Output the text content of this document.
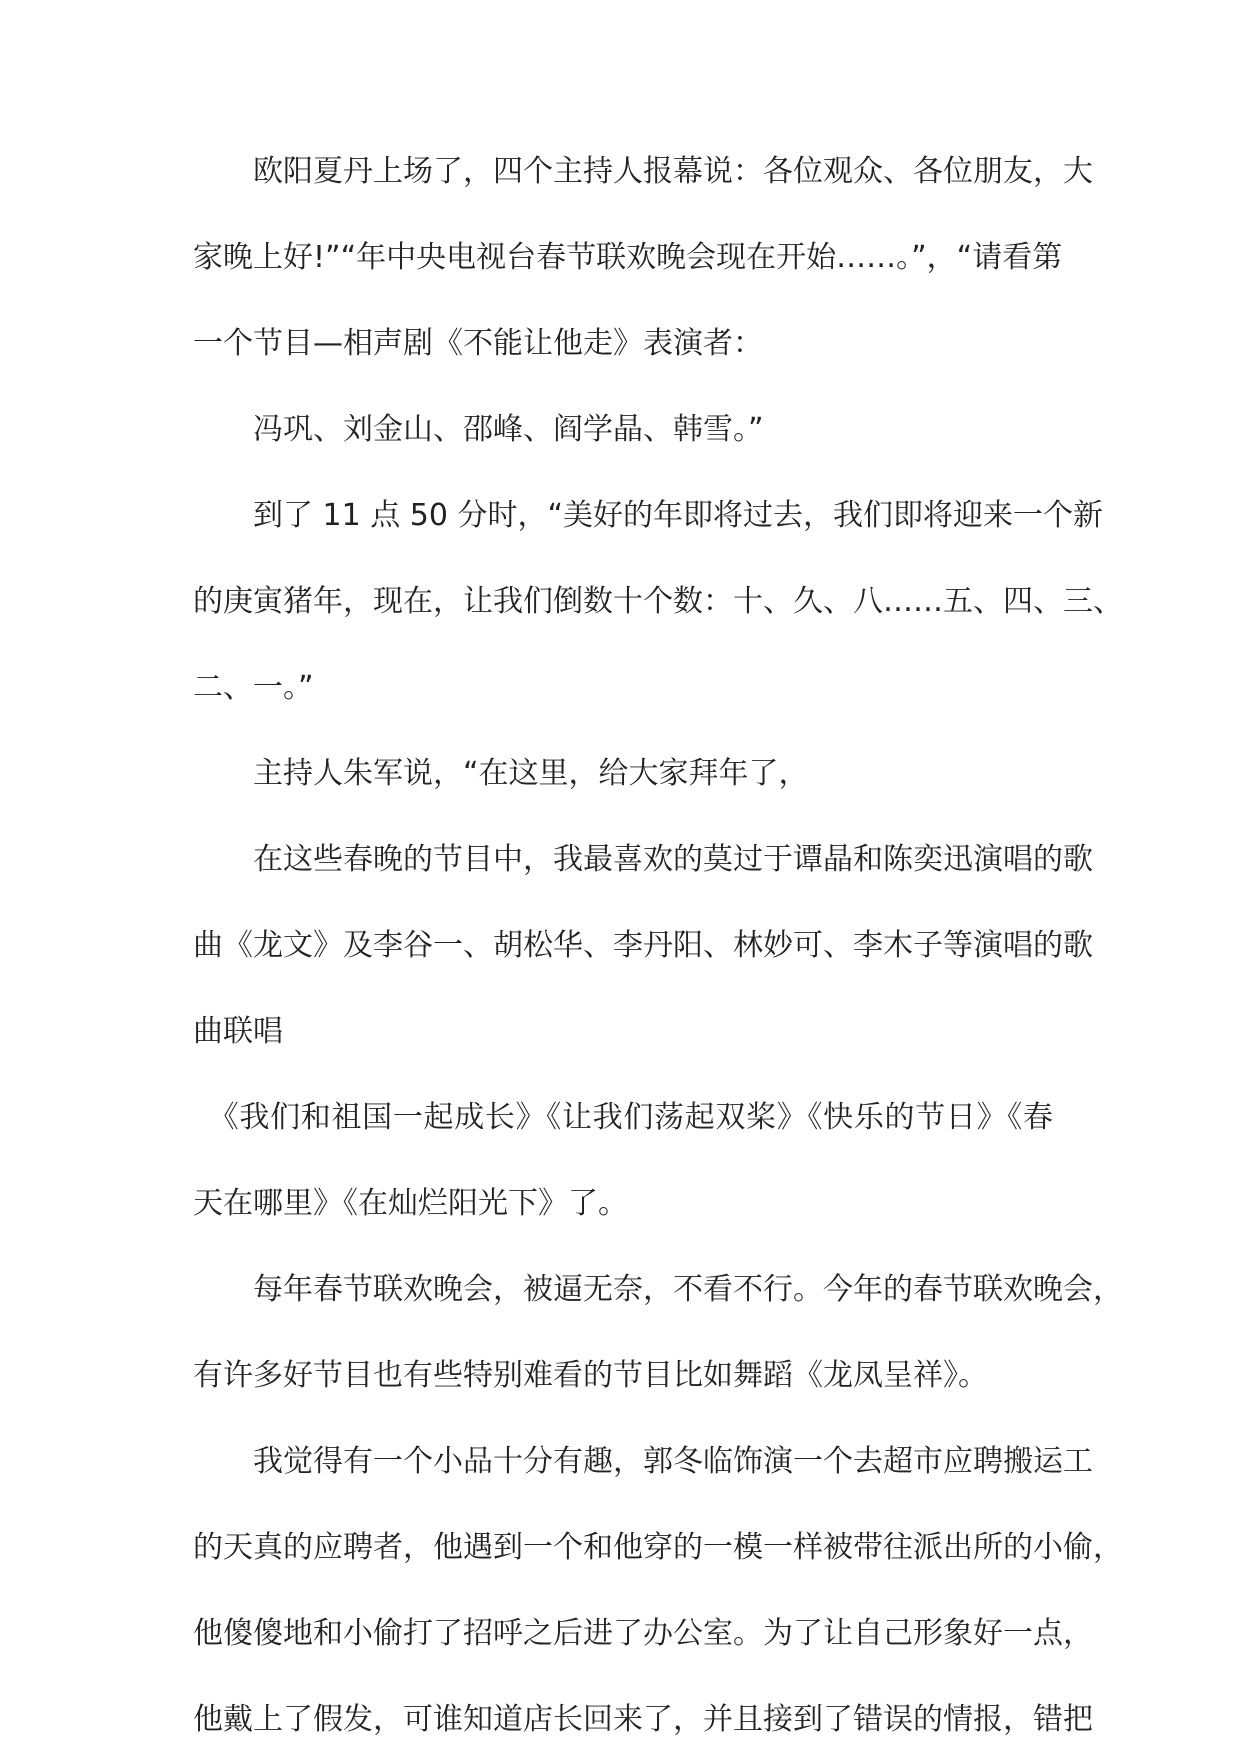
　　欧阳夏丹上场了，四个主持人报幕说：各位观众、各位朋友，大
家晚上好!”“年中央电视台春节联欢晚会现在开始……。”，“请看第
一个节目—相声剧《不能让他走》表演者：
　　冯巩、刘金山、邵峰、阎学晶、韩雪。”
　　到了 11 点 50 分时，“美好的年即将过去，我们即将迎来一个新
的庚寅猪年，现在，让我们倒数十个数：十、久、八……五、四、三、
二、一。”
　　主持人朱军说，“在这里，给大家拜年了，
　　在这些春晚的节目中，我最喜欢的莫过于谭晶和陈奕迅演唱的歌
曲《龙文》及李谷一、胡松华、李丹阳、林妙可、李木子等演唱的歌
曲联唱
　《我们和祖国一起成长》《让我们荡起双桨》《快乐的节日》《春
天在哪里》《在灿烂阳光下》了。
　　每年春节联欢晚会，被逼无奈，不看不行。今年的春节联欢晚会，
有许多好节目也有些特别难看的节目比如舞蹈《龙凤呈祥》。
　　我觉得有一个小品十分有趣，郭冬临饰演一个去超市应聘搬运工
的天真的应聘者，他遇到一个和他穿的一模一样被带往派出所的小偷，
他傻傻地和小偷打了招呼之后进了办公室。为了让自己形象好一点，
他戴上了假发，可谁知道店长回来了，并且接到了错误的情报，错把
